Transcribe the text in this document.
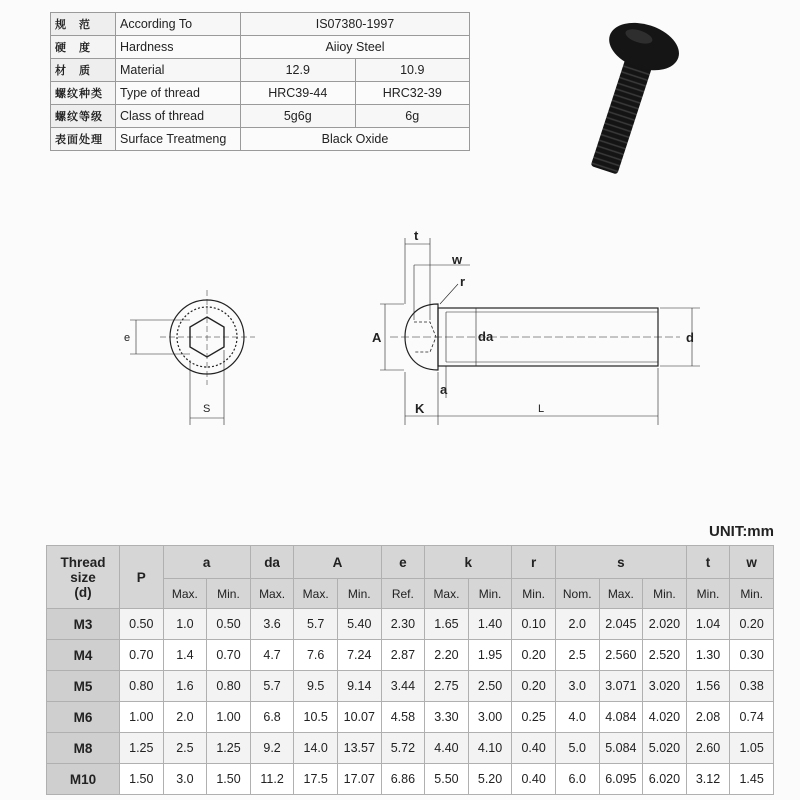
规　范	According To	IS07380-1997	
硬　度	Hardness	Aiioy Steel	
材　质	Material	12.9	10.9
螺纹种类	Type of thread	HRC39-44	HRC32-39
螺纹等级	Class of thread	5g6g	6g
表面处理	Surface Treatmeng	Black Oxide	
e
S
A	da	d
t
w
r
a
K	L
UNIT:mm
Thread
size
(d)	P	a		da	A		e	k		r	s			t	w
		Max.	Min.	Max.	Max.	Min.	Ref.	Max.	Min.	Min.	Nom.	Max.	Min.	Min.	Min.
M3	0.50	1.0	0.50	3.6	5.7	5.40	2.30	1.65	1.40	0.10	2.0	2.045	2.020	1.04	0.20
M4	0.70	1.4	0.70	4.7	7.6	7.24	2.87	2.20	1.95	0.20	2.5	2.560	2.520	1.30	0.30
M5	0.80	1.6	0.80	5.7	9.5	9.14	3.44	2.75	2.50	0.20	3.0	3.071	3.020	1.56	0.38
M6	1.00	2.0	1.00	6.8	10.5	10.07	4.58	3.30	3.00	0.25	4.0	4.084	4.020	2.08	0.74
M8	1.25	2.5	1.25	9.2	14.0	13.57	5.72	4.40	4.10	0.40	5.0	5.084	5.020	2.60	1.05
M10	1.50	3.0	1.50	11.2	17.5	17.07	6.86	5.50	5.20	0.40	6.0	6.095	6.020	3.12	1.45
